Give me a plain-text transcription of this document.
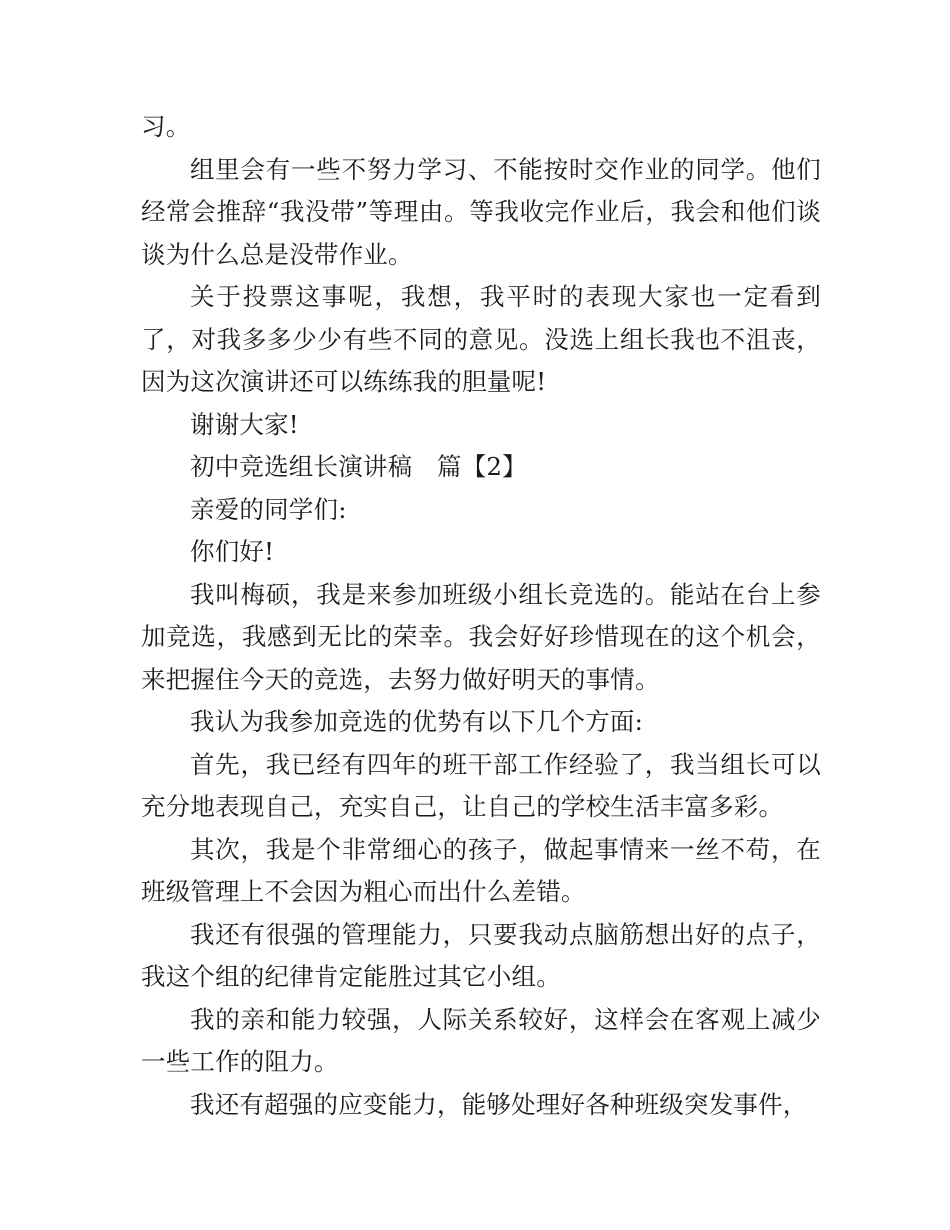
习。

组里会有一些不努力学习、不能按时交作业的同学。他们经常会推辞“我没带”等理由。等我收完作业后，我会和他们谈谈为什么总是没带作业。

关于投票这事呢，我想，我平时的表现大家也一定看到了，对我多多少少有些不同的意见。没选上组长我也不沮丧，因为这次演讲还可以练练我的胆量呢!

谢谢大家!

初中竞选组长演讲稿　篇【2】

亲爱的同学们:

你们好!

我叫梅硕，我是来参加班级小组长竞选的。能站在台上参加竞选，我感到无比的荣幸。我会好好珍惜现在的这个机会，来把握住今天的竞选，去努力做好明天的事情。

我认为我参加竞选的优势有以下几个方面:

首先，我已经有四年的班干部工作经验了，我当组长可以充分地表现自己，充实自己，让自己的学校生活丰富多彩。

其次，我是个非常细心的孩子，做起事情来一丝不苟，在班级管理上不会因为粗心而出什么差错。

我还有很强的管理能力，只要我动点脑筋想出好的点子，我这个组的纪律肯定能胜过其它小组。

我的亲和能力较强，人际关系较好，这样会在客观上减少一些工作的阻力。

我还有超强的应变能力，能够处理好各种班级突发事件，
